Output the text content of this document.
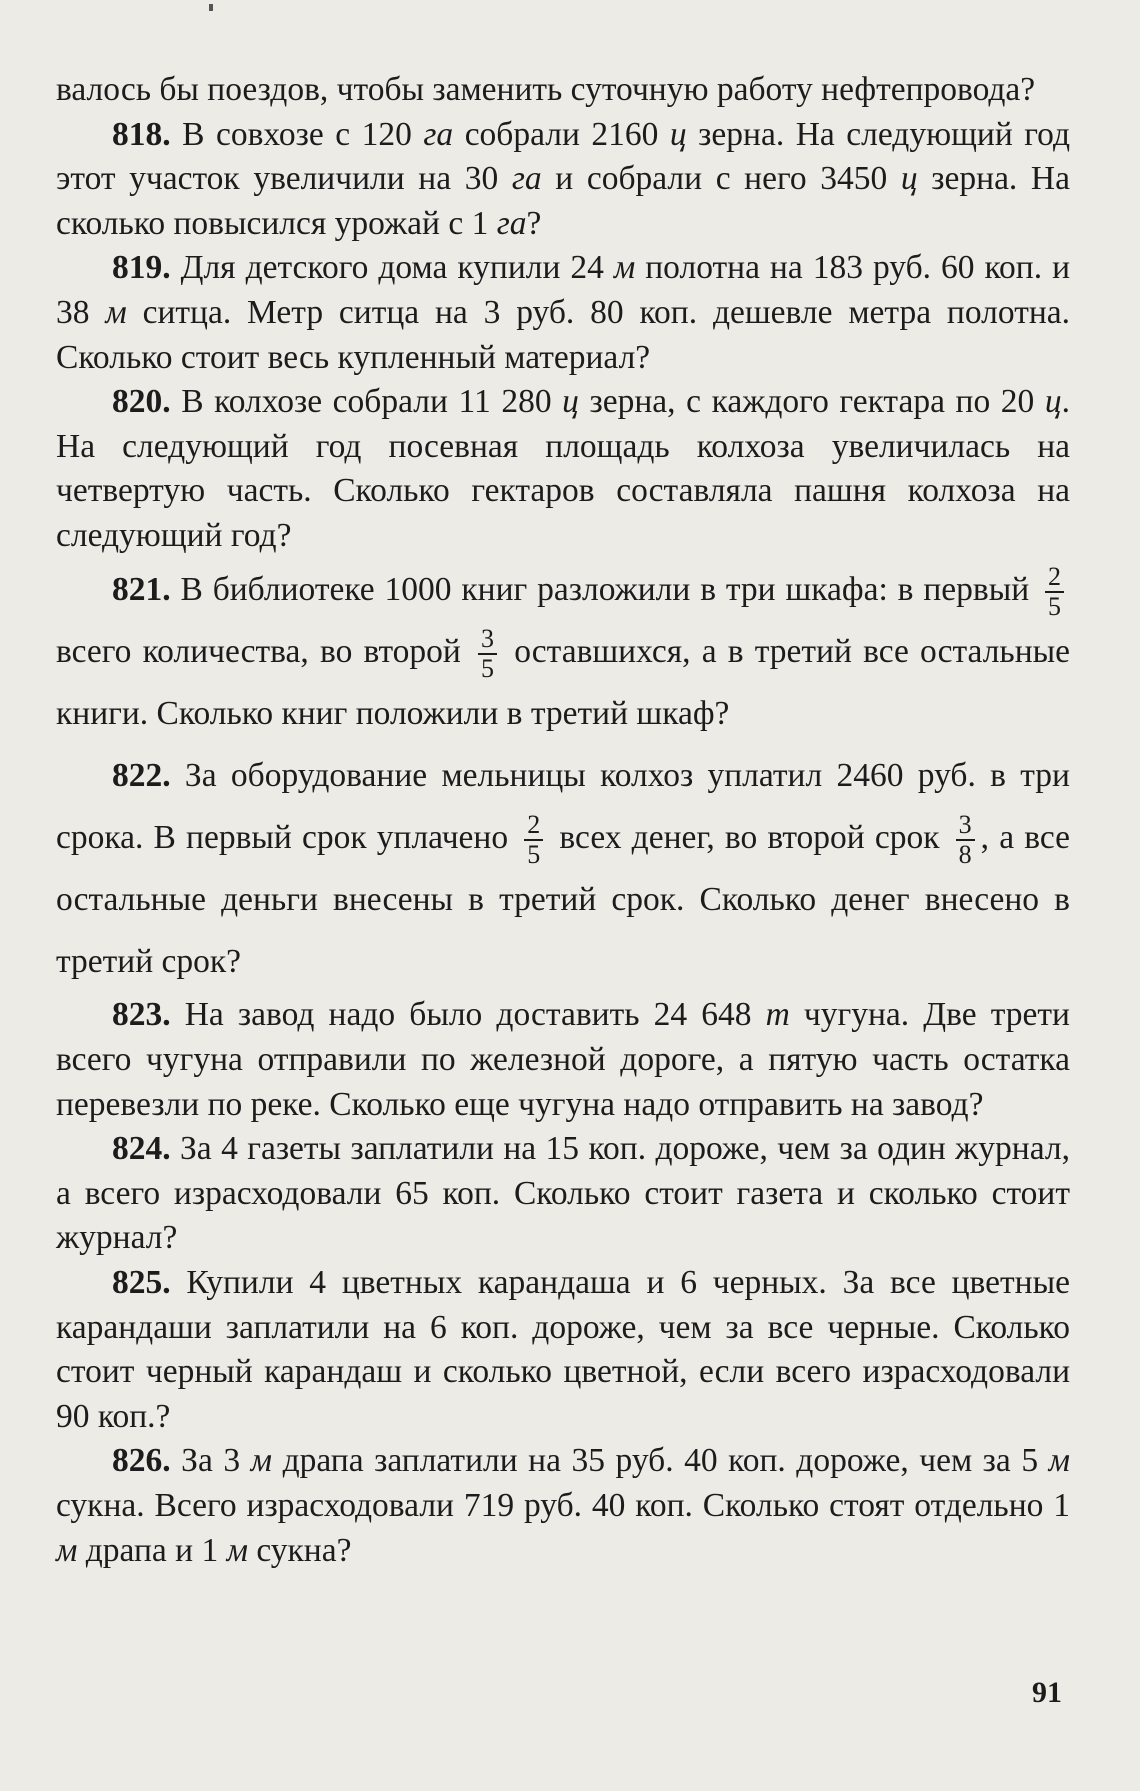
валось бы поездов, чтобы заменить суточную работу нефтепровода?

818. В совхозе с 120 га собрали 2160 ц зерна. На следующий год этот участок увеличили на 30 га и собрали с него 3450 ц зерна. На сколько повысился урожай с 1 га?

819. Для детского дома купили 24 м полотна на 183 руб. 60 коп. и 38 м ситца. Метр ситца на 3 руб. 80 коп. дешевле метра полотна. Сколько стоит весь купленный материал?

820. В колхозе собрали 11 280 ц зерна, с каждого гектара по 20 ц. На следующий год посевная площадь колхоза увеличилась на четвертую часть. Сколько гектаров составляла пашня колхоза на следующий год?

821. В библиотеке 1000 книг разложили в три шкафа: в первый $\frac{2}{5}$
всего количества, во второй $\frac{3}{5}$ оставшихся, а в третий все остальные книги. Сколько книг положили в третий шкаф?

822. За оборудование мельницы колхоз уплатил 2460 руб. в три срока. В первый срок уплачено $\frac{2}{5}$ всех денег, во второй срок $\frac{3}{8}$ , а все остальные деньги внесены в третий срок. Сколько денег внесено в третий срок?

823. На завод надо было доставить 24 648 т чугуна. Две трети всего чугуна отправили по железной дороге, а пятую часть остатка перевезли по реке. Сколько еще чугуна надо отправить на завод?

824. За 4 газеты заплатили на 15 коп. дороже, чем за один журнал, а всего израсходовали 65 коп. Сколько стоит газета и сколько стоит журнал?

825. Купили 4 цветных карандаша и 6 черных. За все цветные карандаши заплатили на 6 коп. дороже, чем за все черные. Сколько стоит черный карандаш и сколько цветной, если всего израсходовали 90 коп.?

826. За 3 м драпа заплатили на 35 руб. 40 коп. дороже, чем за 5 м сукна. Всего израсходовали 719 руб. 40 коп. Сколько стоят отдельно 1 м драпа и 1 м сукна?

91
